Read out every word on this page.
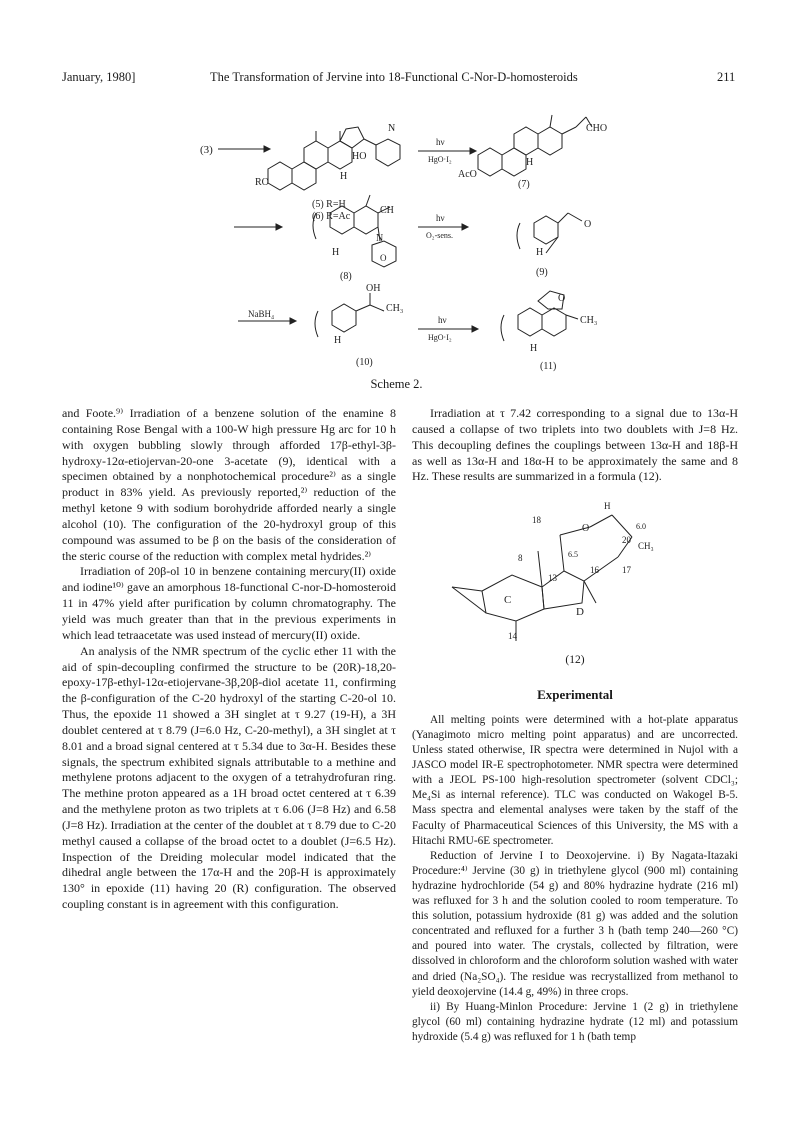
January, 1980]	The Transformation of Jervine into 18-Functional C-Nor-D-homosteroids	211
(3)
RO
HO
N
H
(5) R=H
(6) R=Ac
hν
HgO·I₂
AcO
CHO
H
(7)
CH
N
O
H
(8)
hν
O₂-sens.
O
H
(9)
NaBH₄
OH
CH₃
H
(10)
hν
HgO·I₂
O
CH₃
H
(11)
Scheme 2.

and Foote.⁹⁾ Irradiation of a benzene solution of the enamine 8 containing Rose Bengal with a 100-W high pressure Hg arc for 10 h with oxygen bubbling slowly through afforded 17β-ethyl-3β-hydroxy-12α-etiojervan-20-one 3-acetate (9), identical with a specimen obtained by a nonphotochemical procedure²⁾ as a single product in 83% yield. As previously reported,²⁾ reduction of the methyl ketone 9 with sodium borohydride afforded nearly a single alcohol (10). The configuration of the 20-hydroxyl group of this compound was assumed to be β on the basis of the consideration of the steric course of the reduction with complex metal hydrides.²⁾

Irradiation of 20β-ol 10 in benzene containing mercury(II) oxide and iodine¹⁰⁾ gave an amorphous 18-functional C-nor-D-homosteroid 11 in 47% yield after purification by column chromatography. The yield was much greater than that in the previous experiments in which lead tetraacetate was used instead of mercury(II) oxide.

An analysis of the NMR spectrum of the cyclic ether 11 with the aid of spin-decoupling confirmed the structure to be (20R)-18,20-epoxy-17β-ethyl-12α-etiojervane-3β,20β-diol acetate 11, confirming the β-configuration of the C-20 hydroxyl of the starting C-20-ol 10. Thus, the epoxide 11 showed a 3H singlet at τ 9.27 (19-H), a 3H doublet centered at τ 8.79 (J=6.0 Hz, C-20-methyl), a 3H singlet at τ 8.01 and a broad signal centered at τ 5.34 due to 3α-H. Besides these signals, the spectrum exhibited signals attributable to a methine and methylene protons adjacent to the oxygen of a tetrahydrofuran ring. The methine proton appeared as a 1H broad octet centered at τ 6.39 and the methylene proton as two triplets at τ 6.06 (J=8 Hz) and 6.58 (J=8 Hz). Irradiation at the center of the doublet at τ 8.79 due to C-20 methyl caused a collapse of the broad octet to a doublet (J=6.5 Hz). Inspection of the Dreiding molecular model indicated that the dihedral angle between the 17α-H and the 20β-H is approximately 130° in epoxide (11) having 20 (R) configuration. The observed coupling constant is in agreement with this configuration.

Irradiation at τ 7.42 corresponding to a signal due to 13α-H caused a collapse of two triplets into two doublets with J=8 Hz. This decoupling defines the couplings between 13α-H and 18β-H as well as 13α-H and 18α-H to be approximately the same and 8 Hz. These results are summarized in a formula (12).

18
13
14
16	17
20
8
C
D
6.0
6.5
O
CH₃
H
(12)
Experimental

All melting points were determined with a hot-plate apparatus (Yanagimoto micro melting point apparatus) and are uncorrected. Unless stated otherwise, IR spectra were determined in Nujol with a JASCO model IR-E spectrophotometer. NMR spectra were determined with a JEOL PS-100 high-resolution spectrometer (solvent CDCl₃; Me₄Si as internal reference). TLC was conducted on Wakogel B-5. Mass spectra and elemental analyses were taken by the staff of the Faculty of Pharmaceutical Sciences of this University, the MS with a Hitachi RMU-6E spectrometer.

Reduction of Jervine I to Deoxojervine. i) By Nagata-Itazaki Procedure:⁴⁾ Jervine (30 g) in triethylene glycol (900 ml) containing hydrazine hydrochloride (54 g) and 80% hydrazine hydrate (216 ml) was refluxed for 3 h and the solution cooled to room temperature. To this solution, potassium hydroxide (81 g) was added and the solution concentrated and refluxed for a further 3 h (bath temp 240—260 °C) and poured into water. The crystals, collected by filtration, were dissolved in chloroform and the chloroform solution washed with water and dried (Na₂SO₄). The residue was recrystallized from methanol to yield deoxojervine (14.4 g, 49%) in three crops.

ii) By Huang-Minlon Procedure: Jervine 1 (2 g) in triethylene glycol (60 ml) containing hydrazine hydrate (12 ml) and potassium hydroxide (5.4 g) was refluxed for 1 h (bath temp
